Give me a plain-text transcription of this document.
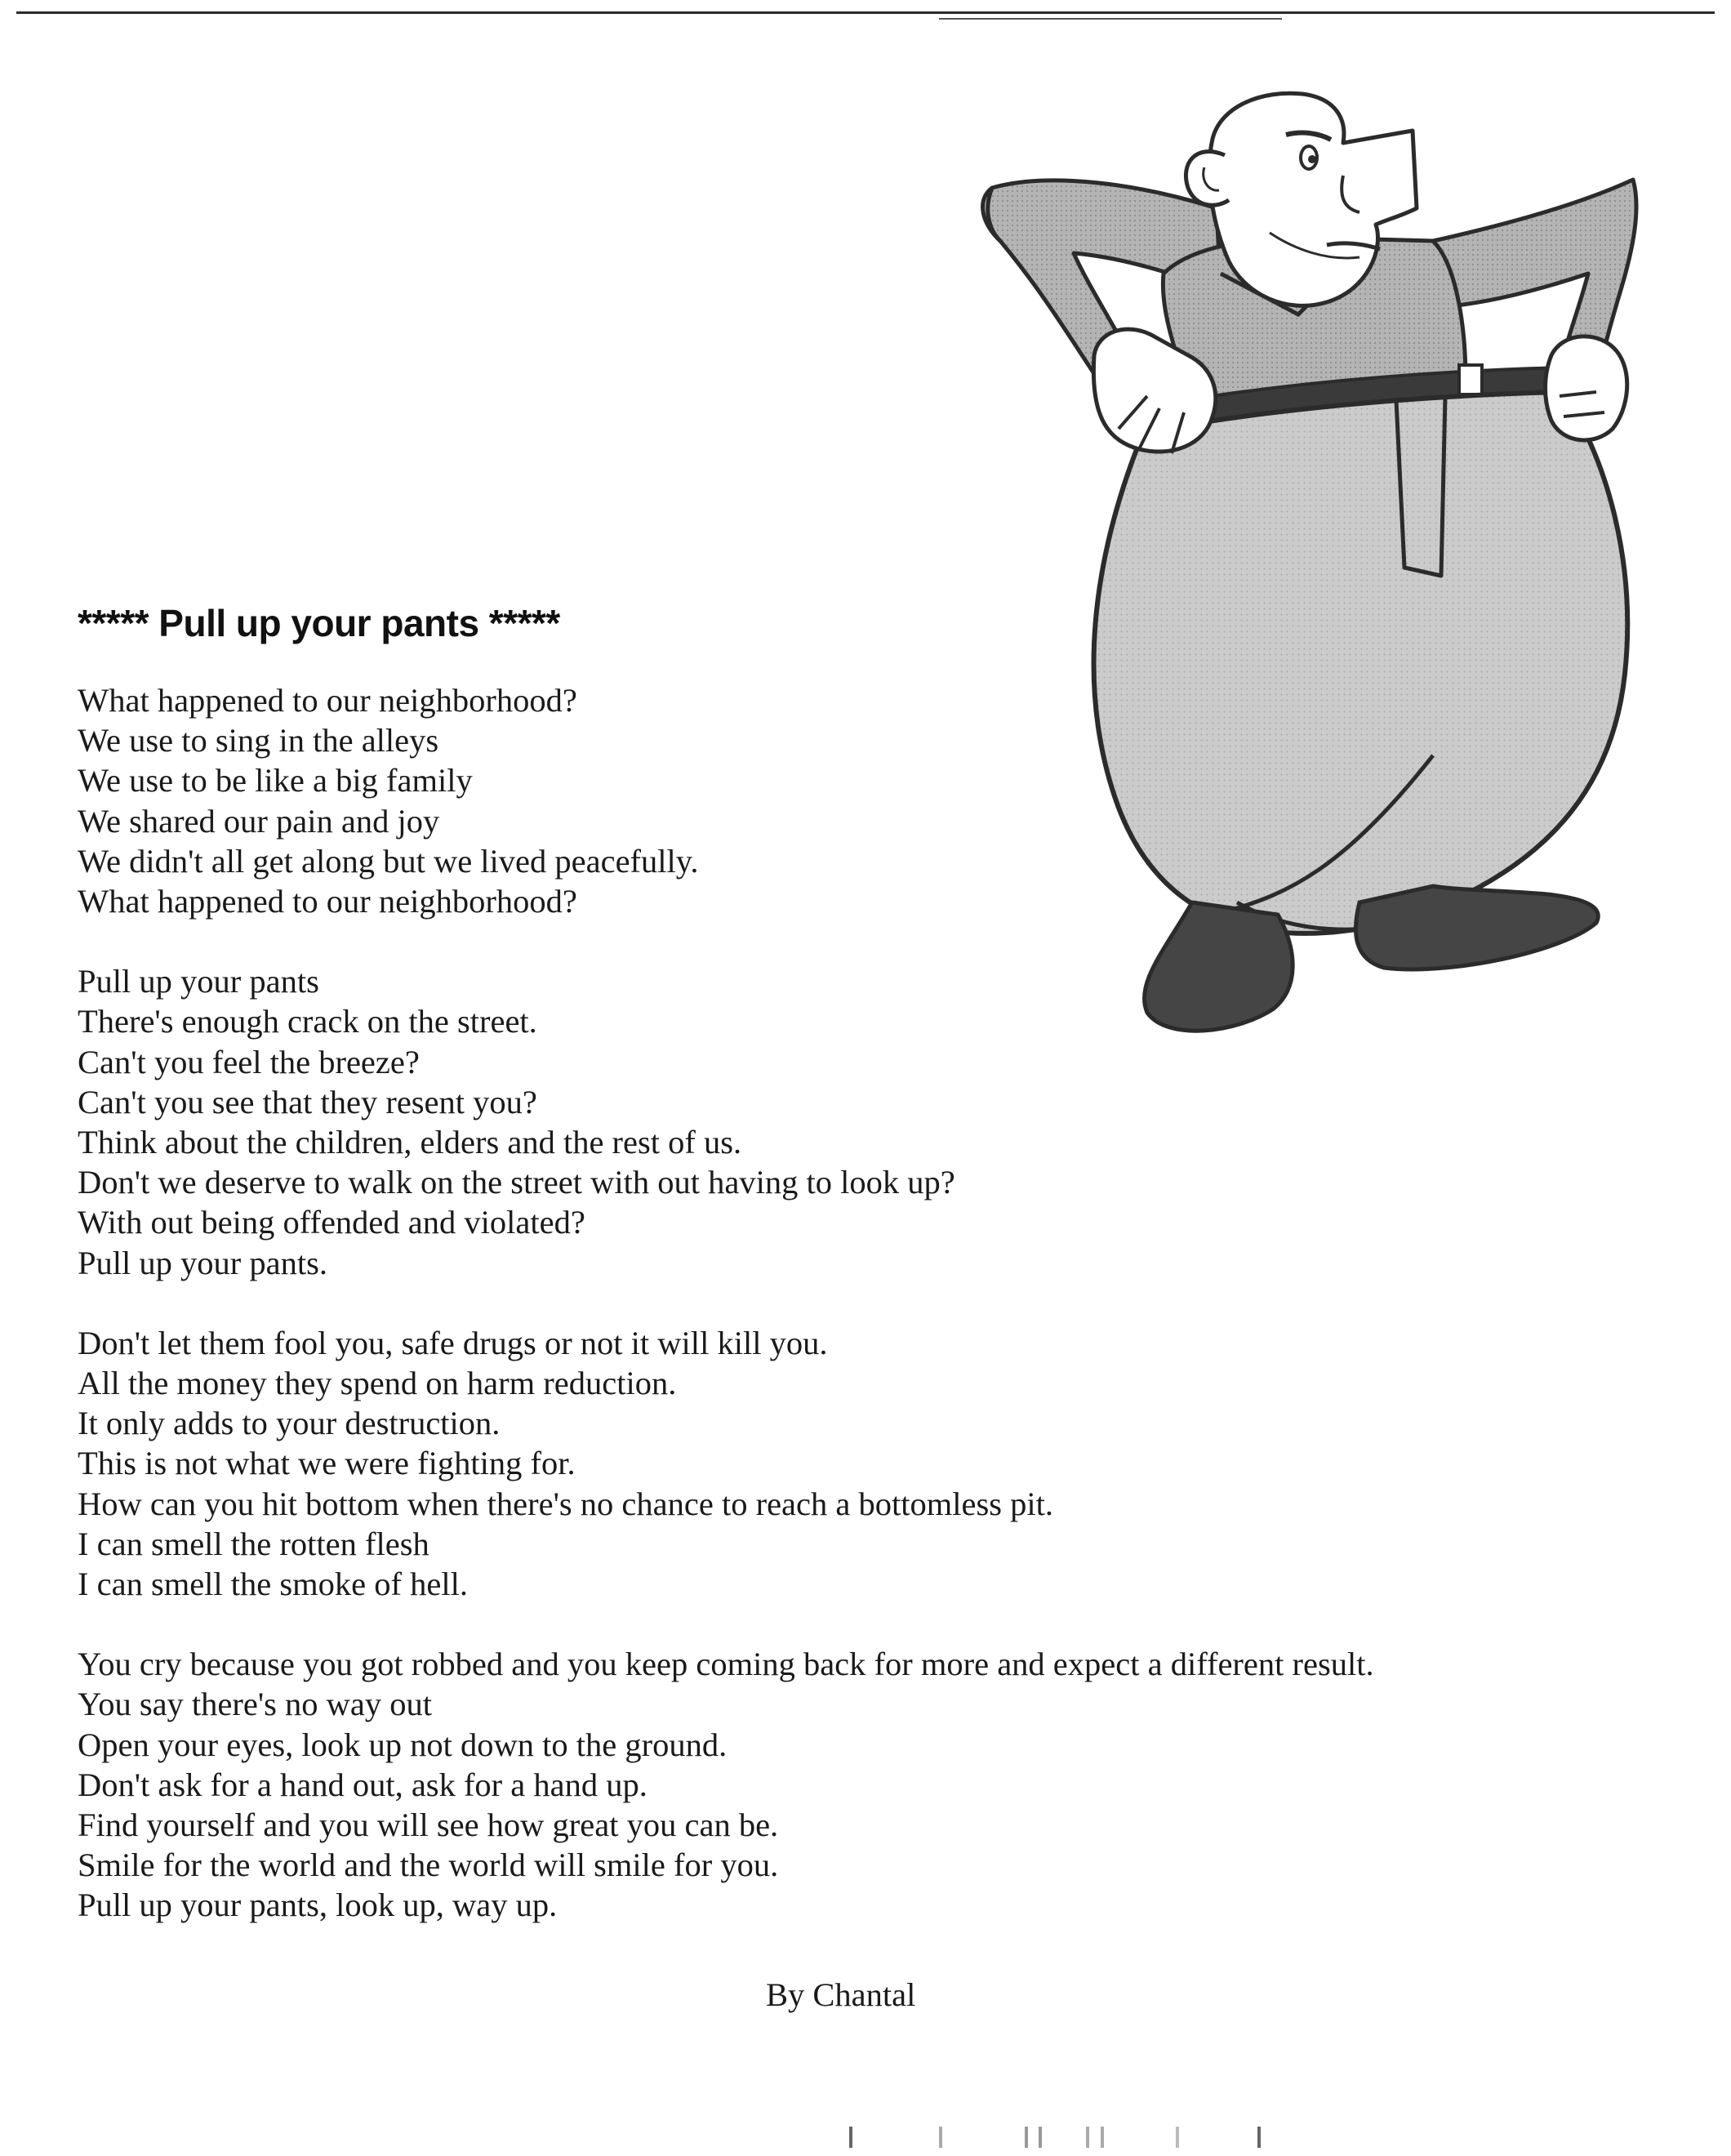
***** Pull up your pants *****
What happened to our neighborhood?
We use to sing in the alleys
We use to be like a big family
We shared our pain and joy
We didn't all get along but we lived peacefully.
What happened to our neighborhood?
Pull up your pants
There's enough crack on the street.
Can't you feel the breeze?
Can't you see that they resent you?
Think about the children, elders and the rest of us.
Don't we deserve to walk on the street with out having to look up?
With out being offended and violated?
Pull up your pants.
Don't let them fool you, safe drugs or not it will kill you.
All the money they spend on harm reduction.
It only adds to your destruction.
This is not what we were fighting for.
How can you hit bottom when there's no chance to reach a bottomless pit.
I can smell the rotten flesh
I can smell the smoke of hell.
You cry because you got robbed and you keep coming back for more and expect a different result.
You say there's no way out
Open your eyes, look up not down to the ground.
Don't ask for a hand out, ask for a hand up.
Find yourself and you will see how great you can be.
Smile for the world and the world will smile for you.
Pull up your pants, look up, way up.
By Chantal
